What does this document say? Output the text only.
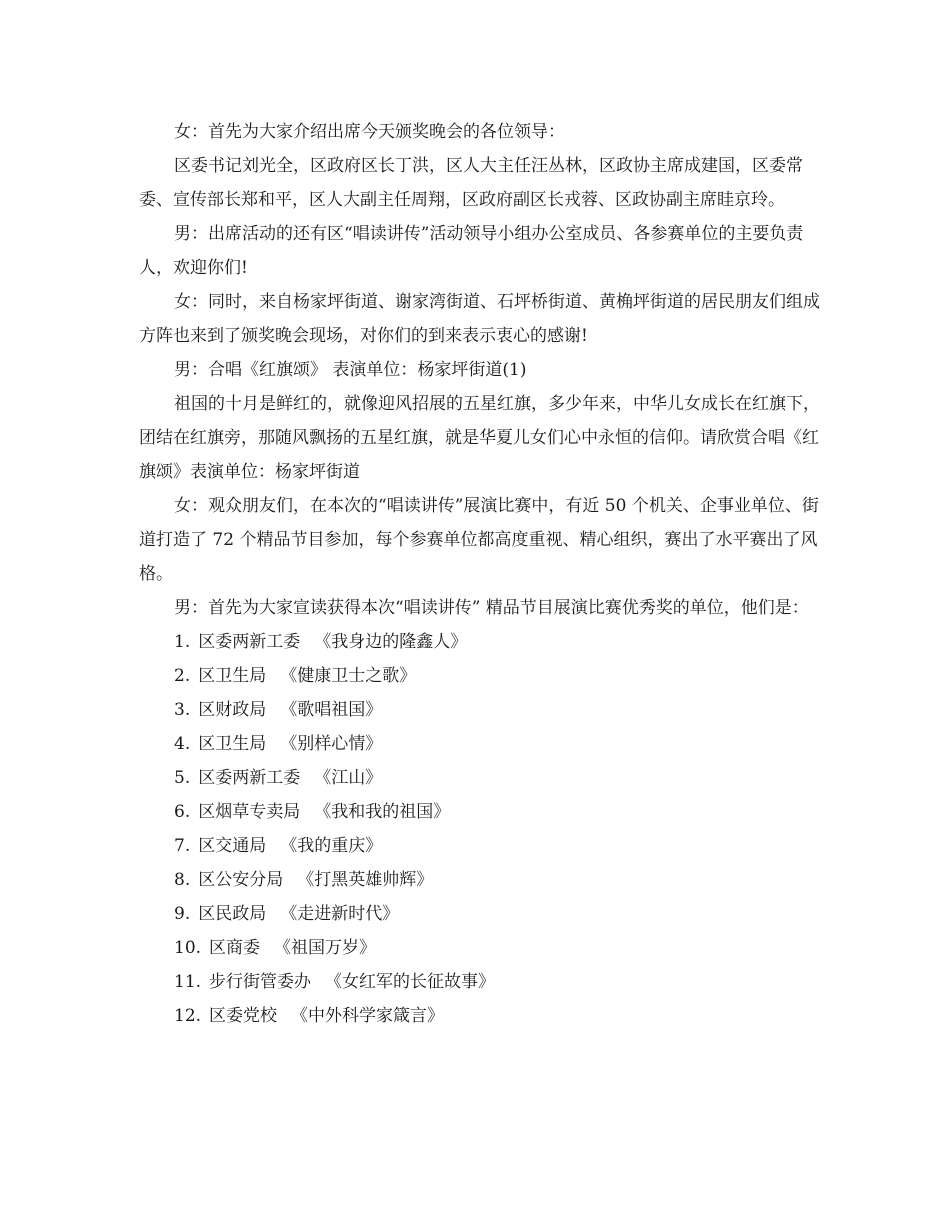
女：首先为大家介绍出席今天颁奖晚会的各位领导：

区委书记刘光全，区政府区长丁洪，区人大主任汪丛林，区政协主席成建国，区委常委、宣传部长郑和平，区人大副主任周翔，区政府副区长戎蓉、区政协副主席眭京玲。

男：出席活动的还有区“唱读讲传”活动领导小组办公室成员、各参赛单位的主要负责人，欢迎你们!

女：同时，来自杨家坪街道、谢家湾街道、石坪桥街道、黄桷坪街道的居民朋友们组成方阵也来到了颁奖晚会现场，对你们的到来表示衷心的感谢!

男：合唱《红旗颂》 表演单位：杨家坪街道(1)

祖国的十月是鲜红的，就像迎风招展的五星红旗，多少年来，中华儿女成长在红旗下，团结在红旗旁，那随风飘扬的五星红旗，就是华夏儿女们心中永恒的信仰。请欣赏合唱《红旗颂》表演单位：杨家坪街道

女：观众朋友们，在本次的“唱读讲传”展演比赛中，有近 50 个机关、企事业单位、街道打造了 72 个精品节目参加，每个参赛单位都高度重视、精心组织，赛出了水平赛出了风格。

男：首先为大家宣读获得本次“唱读讲传” 精品节目展演比赛优秀奖的单位，他们是：

1. 区委两新工委 《我身边的隆鑫人》
2. 区卫生局 《健康卫士之歌》
3. 区财政局 《歌唱祖国》
4. 区卫生局 《别样心情》
5. 区委两新工委 《江山》
6. 区烟草专卖局 《我和我的祖国》
7. 区交通局 《我的重庆》
8. 区公安分局 《打黑英雄帅辉》
9. 区民政局 《走进新时代》
10. 区商委 《祖国万岁》
11. 步行街管委办 《女红军的长征故事》
12. 区委党校 《中外科学家箴言》
